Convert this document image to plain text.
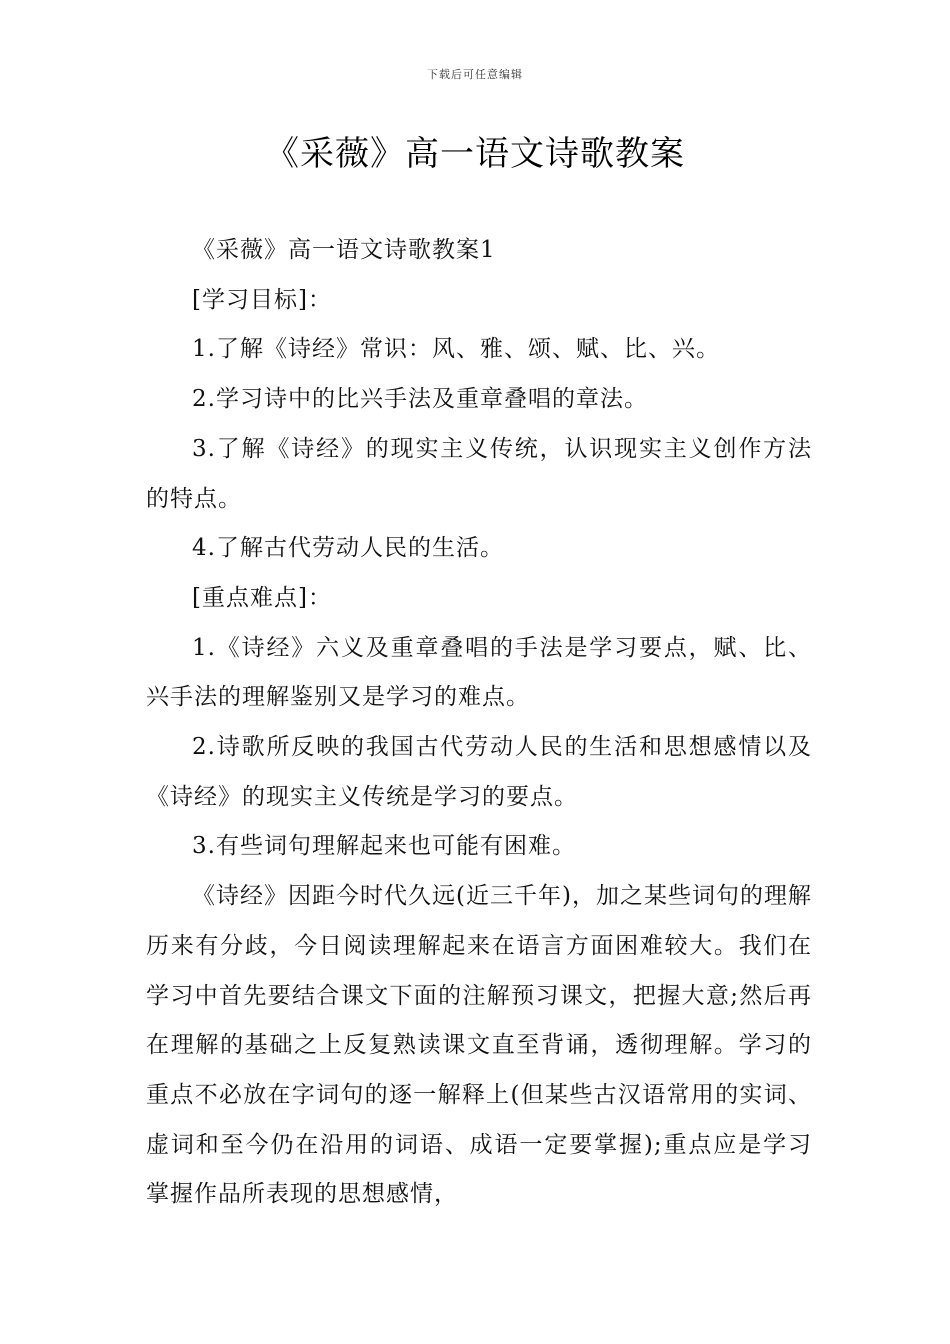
下载后可任意编辑
《采薇》高一语文诗歌教案

《采薇》高一语文诗歌教案1

[学习目标]：

1.了解《诗经》常识：风、雅、颂、赋、比、兴。

2.学习诗中的比兴手法及重章叠唱的章法。

3.了解《诗经》的现实主义传统，认识现实主义创作方法的特点。

4.了解古代劳动人民的生活。

[重点难点]：

1.《诗经》六义及重章叠唱的手法是学习要点，赋、比、兴手法的理解鉴别又是学习的难点。

2.诗歌所反映的我国古代劳动人民的生活和思想感情以及《诗经》的现实主义传统是学习的要点。

3.有些词句理解起来也可能有困难。

《诗经》因距今时代久远(近三千年)，加之某些词句的理解历来有分歧，今日阅读理解起来在语言方面困难较大。我们在学习中首先要结合课文下面的注解预习课文，把握大意;然后再在理解的基础之上反复熟读课文直至背诵，透彻理解。学习的重点不必放在字词句的逐一解释上(但某些古汉语常用的实词、虚词和至今仍在沿用的词语、成语一定要掌握);重点应是学习掌握作品所表现的思想感情，
